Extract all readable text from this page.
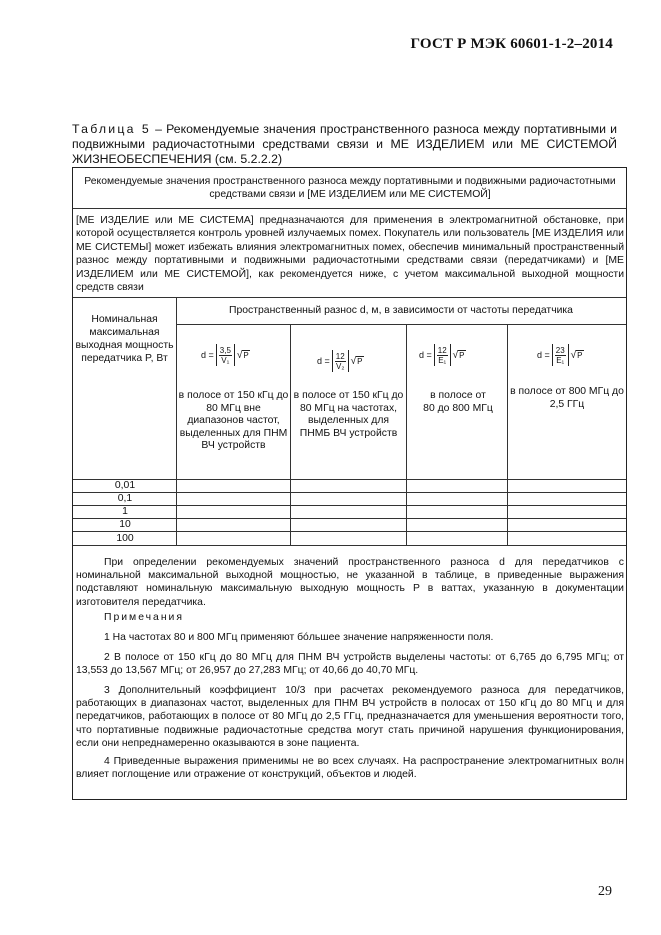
ГОСТ Р МЭК 60601-1-2–2014
Таблица 5 – Рекомендуемые значения пространственного разноса между портативными и подвижными радиочастотными средствами связи и МЕ ИЗДЕЛИЕМ или МЕ СИСТЕМОЙ ЖИЗНЕОБЕСПЕЧЕНИЯ (см. 5.2.2.2)
Рекомендуемые значения пространственного разноса между портативными и подвижными радиочастотными средствами связи и [МЕ ИЗДЕЛИЕМ или МЕ СИСТЕМОЙ]
[МЕ ИЗДЕЛИЕ или МЕ СИСТЕМА] предназначаются для применения в электромагнитной обстановке, при которой осуществляется контроль уровней излучаемых помех. Покупатель или пользователь [МЕ ИЗДЕЛИЯ или МЕ СИСТЕМЫ] может избежать влияния электромагнитных помех, обеспечив минимальный пространственный разнос между портативными и подвижными радиочастотными средствами связи (передатчиками) и [МЕ ИЗДЕЛИЕМ или МЕ СИСТЕМОЙ], как рекомендуется ниже, с учетом максимальной выходной мощности средств связи
Номинальная максимальная выходная мощность передатчика P, Вт
Пространственный разнос d, м, в зависимости от частоты передатчика
$d = \frac{3,5}{\text{V₁}} √P$
в полосе от 150 кГц до 80 МГц вне диапазонов частот, выделенных для ПНМ ВЧ устройств
$d = \frac{12}{\text{V₂}} √P$
в полосе от 150 кГц до 80 МГц на частотах, выделенных для ПНМБ ВЧ устройств
$d = \frac{12}{\text{E₁}} √P$
в полосе от 80 до 800 МГц
$d = \frac{23}{\text{E₁}} √P$
в полосе от 800 МГц до 2,5 ГГц
0,01
0,1
1
10
100
При определении рекомендуемых значений пространственного разноса d для передатчиков с номинальной максимальной выходной мощностью, не указанной в таблице, в приведенные выражения подставляют номинальную максимальную выходную мощность P в ваттах, указанную в документации изготовителя передатчика.
Примечания
1 На частотах 80 и 800 МГц применяют бóльшее значение напряженности поля.
2 В полосе от 150 кГц до 80 МГц для ПНМ ВЧ устройств выделены частоты: от 6,765 до 6,795 МГц; от 13,553 до 13,567 МГц; от 26,957 до 27,283 МГц; от 40,66 до 40,70 МГц.
3 Дополнительный коэффициент 10/3 при расчетах рекомендуемого разноса для передатчиков, работающих в диапазонах частот, выделенных для ПНМ ВЧ устройств в полосах от 150 кГц до 80 МГц и для передатчиков, работающих в полосе от 80 МГц до 2,5 ГГц, предназначается для уменьшения вероятности того, что портативные подвижные радиочастотные средства могут стать причиной нарушения функционирования, если они непреднамеренно оказываются в зоне пациента.
4 Приведенные выражения применимы не во всех случаях. На распространение электромагнитных волн влияет поглощение или отражение от конструкций, объектов и людей.
29
